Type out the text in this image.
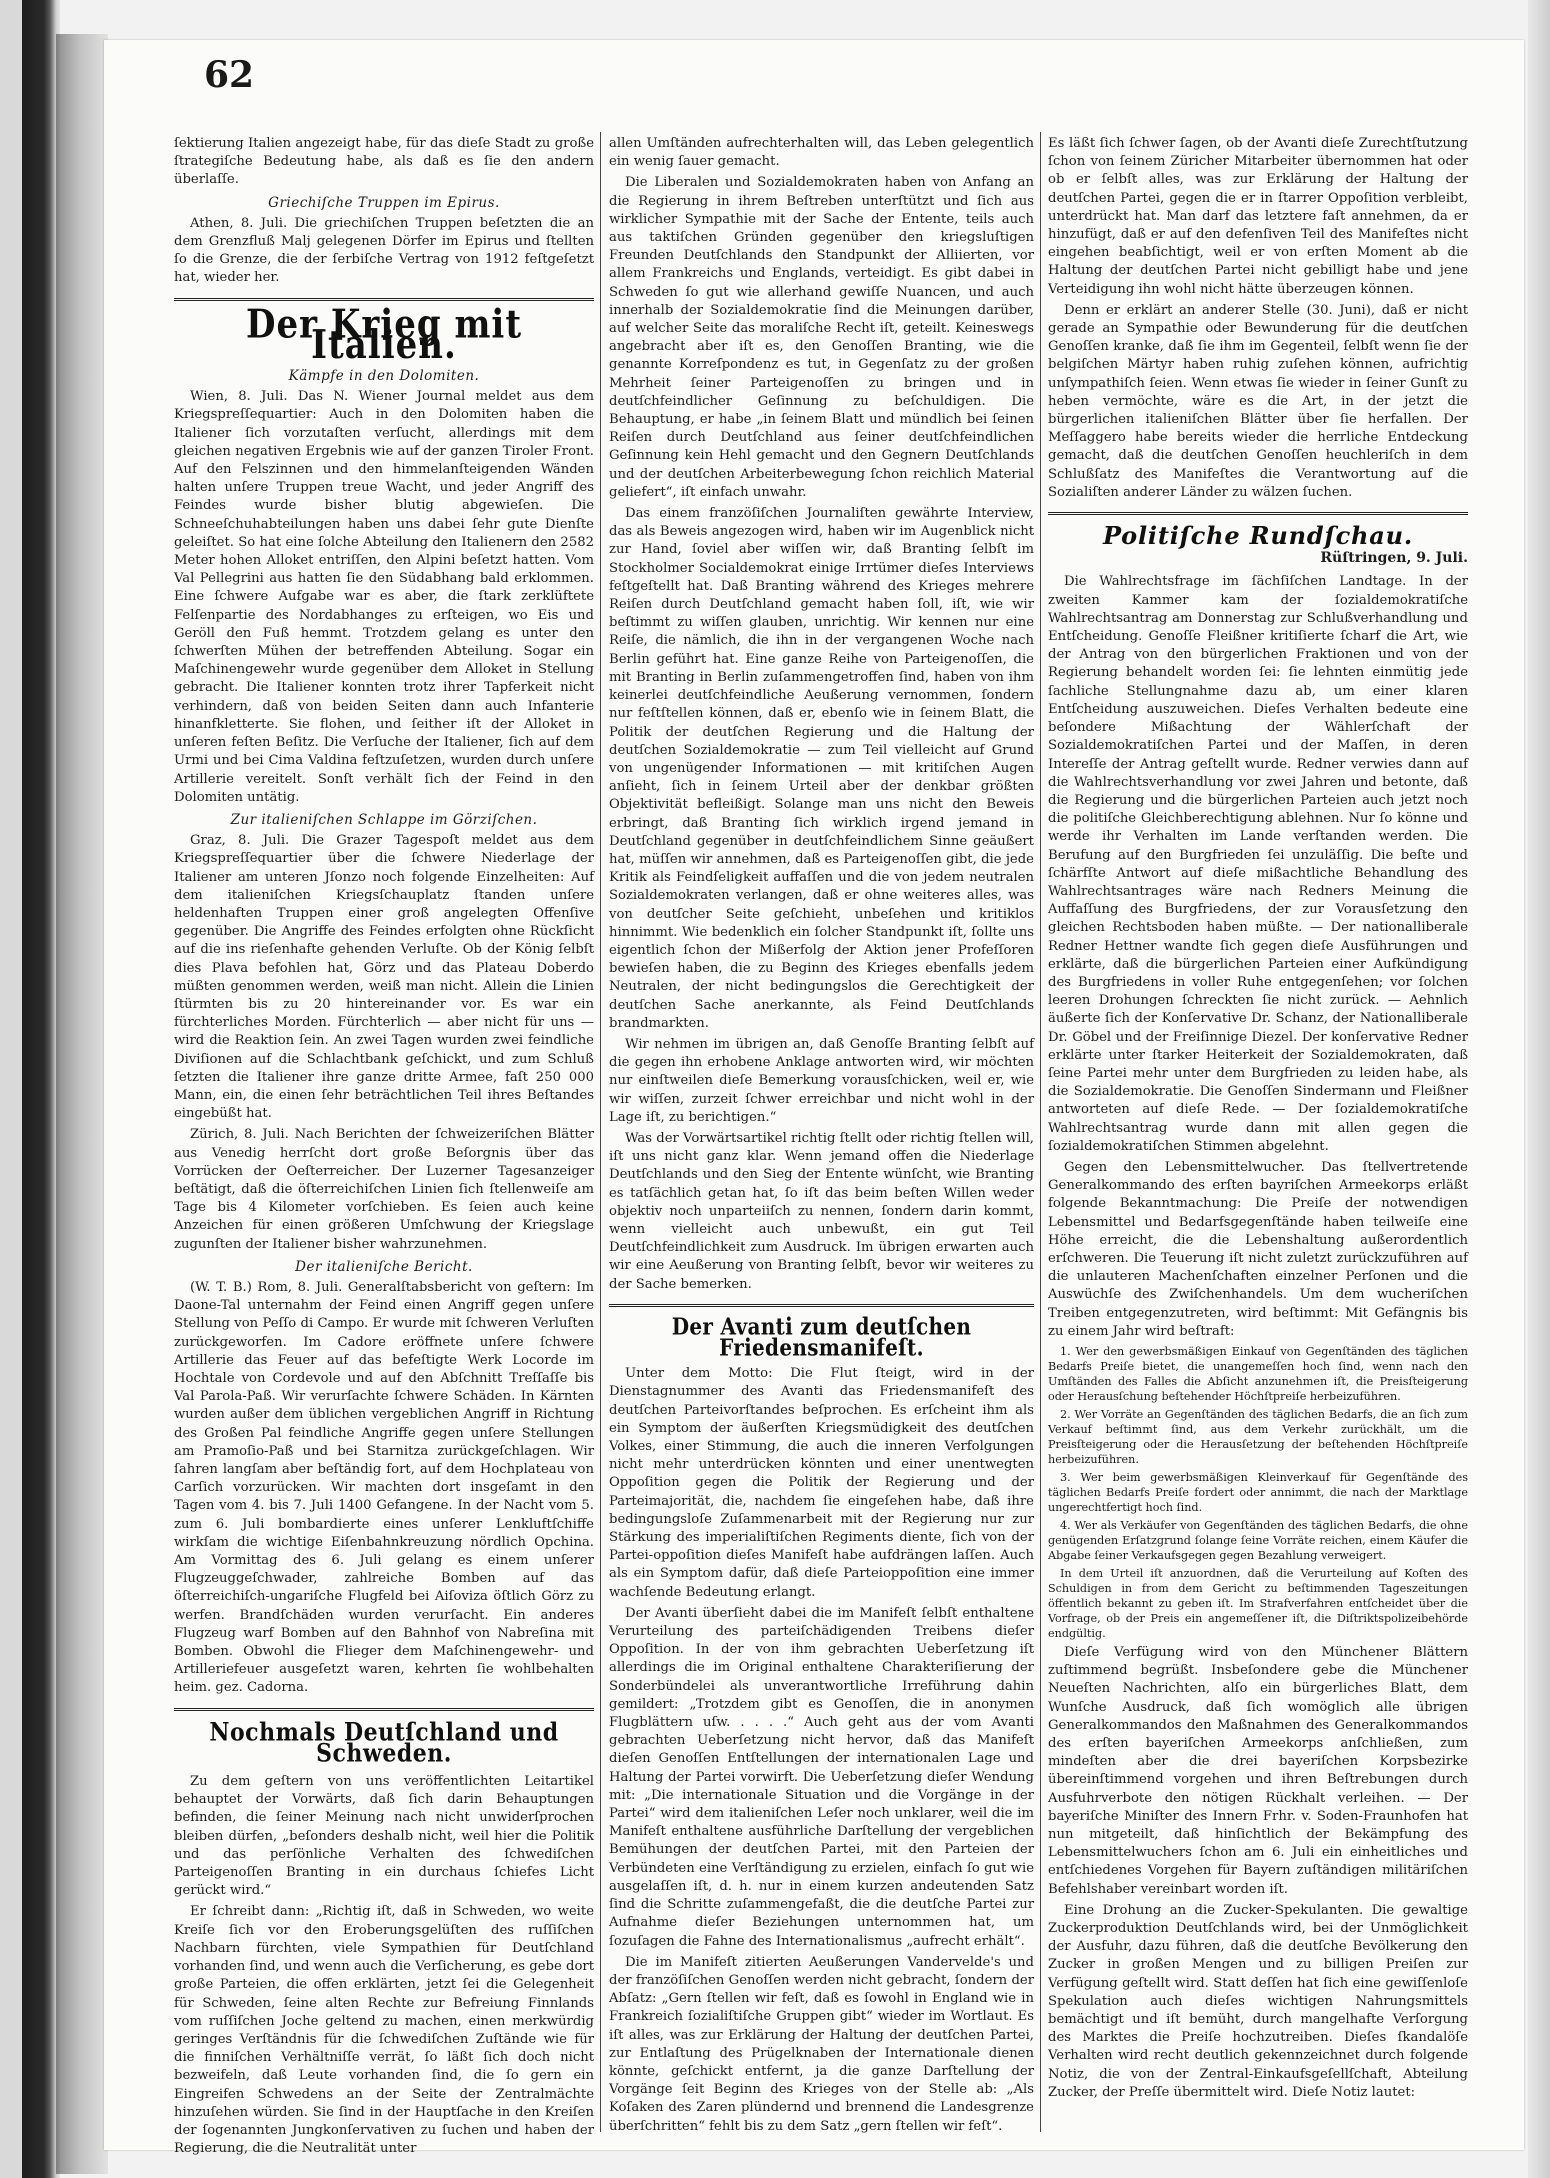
62

ſektierung Italien angezeigt habe, für das dieſe Stadt zu große ſtrategiſche Bedeutung habe, als daß es ſie den andern überlaſſe.

Griechiſche Truppen im Epirus.

Athen, 8. Juli. Die griechiſchen Truppen beſetzten die an dem Grenzfluß Malj gelegenen Dörfer im Epirus und ſtellten ſo die Grenze, die der ſerbiſche Vertrag von 1912 feſtgeſetzt hat, wieder her.

Der Krieg mit Italien.
Kämpfe in den Dolomiten.

Wien, 8. Juli. Das N. Wiener Journal meldet aus dem Kriegspreſſequartier: Auch in den Dolomiten haben die Italiener ſich vorzutaſten verſucht, allerdings mit dem gleichen negativen Ergebnis wie auf der ganzen Tiroler Front. Auf den Felszinnen und den himmelanſteigenden Wänden halten unſere Truppen treue Wacht, und jeder Angriff des Feindes wurde bisher blutig abgewieſen. Die Schneeſchuhabteilungen haben uns dabei ſehr gute Dienſte geleiſtet. So hat eine ſolche Abteilung den Italienern den 2582 Meter hohen Alloket entriſſen, den Alpini beſetzt hatten. Vom Val Pellegrini aus hatten ſie den Südabhang bald erklommen. Eine ſchwere Aufgabe war es aber, die ſtark zerklüftete Felſenpartie des Nordabhanges zu erſteigen, wo Eis und Geröll den Fuß hemmt. Trotzdem gelang es unter den ſchwerſten Mühen der betreffenden Abteilung. Sogar ein Maſchinengewehr wurde gegenüber dem Alloket in Stellung gebracht. Die Italiener konnten trotz ihrer Tapferkeit nicht verhindern, daß von beiden Seiten dann auch Infanterie hinanfkletterte. Sie flohen, und ſeither iſt der Alloket in unſeren feſten Beſitz. Die Verſuche der Italiener, ſich auf dem Urmi und bei Cima Valdina feſtzuſetzen, wurden durch unſere Artillerie vereitelt. Sonſt verhält ſich der Feind in den Dolomiten untätig.

Zur italieniſchen Schlappe im Görziſchen.

Graz, 8. Juli. Die Grazer Tagespoſt meldet aus dem Kriegspreſſequartier über die ſchwere Niederlage der Italiener am unteren Jſonzo noch folgende Einzelheiten: Auf dem italieniſchen Kriegsſchauplatz ſtanden unſere heldenhaften Truppen einer groß angelegten Offenſive gegenüber. Die Angriffe des Feindes erfolgten ohne Rückſicht auf die ins rieſenhafte gehenden Verluſte. Ob der König ſelbſt dies Plava befohlen hat, Görz und das Plateau Doberdo müßten genommen werden, weiß man nicht. Allein die Linien ſtürmten bis zu 20 hintereinander vor. Es war ein fürchterliches Morden. Fürchterlich — aber nicht für uns — wird die Reaktion ſein. An zwei Tagen wurden zwei feindliche Diviſionen auf die Schlachtbank geſchickt, und zum Schluß ſetzten die Italiener ihre ganze dritte Armee, faſt 250 000 Mann, ein, die einen ſehr beträchtlichen Teil ihres Beſtandes eingebüßt hat.

Zürich, 8. Juli. Nach Berichten der ſchweizeriſchen Blätter aus Venedig herrſcht dort große Beſorgnis über das Vorrücken der Oeſterreicher. Der Luzerner Tagesanzeiger beſtätigt, daß die öſterreichiſchen Linien ſich ſtellenweiſe am Tage bis 4 Kilometer vorſchieben. Es ſeien auch keine Anzeichen für einen größeren Umſchwung der Kriegslage zugunſten der Italiener bisher wahrzunehmen.

Der italieniſche Bericht.

(W. T. B.) Rom, 8. Juli. Generalſtabsbericht von geſtern: Im Daone-Tal unternahm der Feind einen Angriff gegen unſere Stellung von Peſſo di Campo. Er wurde mit ſchweren Verluſten zurückgeworfen. Im Cadore eröffnete unſere ſchwere Artillerie das Feuer auf das befeſtigte Werk Locorde im Hochtale von Cordevole und auf den Abſchnitt Treſſaſſe bis Val Parola-Paß. Wir verurſachte ſchwere Schäden. In Kärnten wurden außer dem üblichen vergeblichen Angriff in Richtung des Großen Pal feindliche Angriffe gegen unſere Stellungen am Pramoſio-Paß und bei Starnitza zurückgeſchlagen. Wir ſahren langſam aber beſtändig fort, auf dem Hochplateau von Carſich vorzurücken. Wir machten dort insgeſamt in den Tagen vom 4. bis 7. Juli 1400 Gefangene. In der Nacht vom 5. zum 6. Juli bombardierte eines unſerer Lenkluftſchiffe wirkſam die wichtige Eiſenbahnkreuzung nördlich Opchina. Am Vormittag des 6. Juli gelang es einem unſerer Flugzeuggeſchwader, zahlreiche Bomben auf das öſterreichiſch-ungariſche Flugfeld bei Aiſoviza öſtlich Görz zu werfen. Brandſchäden wurden verurſacht. Ein anderes Flugzeug warf Bomben auf den Bahnhof von Nabreſina mit Bomben. Obwohl die Flieger dem Maſchinengewehr- und Artilleriefeuer ausgeſetzt waren, kehrten ſie wohlbehalten heim. gez. Cadorna.

Nochmals Deutſchland und Schweden.

Zu dem geſtern von uns veröffentlichten Leitartikel behauptet der Vorwärts, daß ſich darin Behauptungen befinden, die ſeiner Meinung nach nicht unwiderſprochen bleiben dürfen, „beſonders deshalb nicht, weil hier die Politik und das perſönliche Verhalten des ſchwediſchen Parteigenoſſen Branting in ein durchaus ſchiefes Licht gerückt wird.“

Er ſchreibt dann: „Richtig iſt, daß in Schweden, wo weite Kreiſe ſich vor den Eroberungsgelüſten des ruſſiſchen Nachbarn fürchten, viele Sympathien für Deutſchland vorhanden ſind, und wenn auch die Verſicherung, es gebe dort große Parteien, die offen erklärten, jetzt ſei die Gelegenheit für Schweden, ſeine alten Rechte zur Befreiung Finnlands vom ruſſiſchen Joche geltend zu machen, einen merkwürdig geringes Verſtändnis für die ſchwediſchen Zuſtände wie für die finniſchen Verhältniſſe verrät, ſo läßt ſich doch nicht bezweifeln, daß Leute vorhanden ſind, die ſo gern ein Eingreifen Schwedens an der Seite der Zentralmächte hinzuſehen würden. Sie ſind in der Hauptſache in den Kreiſen der ſogenannten Jungkonſervativen zu ſuchen und haben der Regierung, die die Neutralität unter

allen Umſtänden aufrechterhalten will, das Leben gelegentlich ein wenig ſauer gemacht.

Die Liberalen und Sozialdemokraten haben von Anfang an die Regierung in ihrem Beſtreben unterſtützt und ſich aus wirklicher Sympathie mit der Sache der Entente, teils auch aus taktiſchen Gründen gegenüber den kriegsluſtigen Freunden Deutſchlands den Standpunkt der Alliierten, vor allem Frankreichs und Englands, verteidigt. Es gibt dabei in Schweden ſo gut wie allerhand gewiſſe Nuancen, und auch innerhalb der Sozialdemokratie ſind die Meinungen darüber, auf welcher Seite das moraliſche Recht iſt, geteilt. Keineswegs angebracht aber iſt es, den Genoſſen Branting, wie die genannte Korreſpondenz es tut, in Gegenſatz zu der großen Mehrheit ſeiner Parteigenoſſen zu bringen und in deutſchfeindlicher Geſinnung zu beſchuldigen. Die Behauptung, er habe „in ſeinem Blatt und mündlich bei ſeinen Reiſen durch Deutſchland aus ſeiner deutſchfeindlichen Geſinnung kein Hehl gemacht und den Gegnern Deutſchlands und der deutſchen Arbeiterbewegung ſchon reichlich Material geliefert“, iſt einfach unwahr.

Das einem franzöſiſchen Journaliſten gewährte Interview, das als Beweis angezogen wird, haben wir im Augenblick nicht zur Hand, ſoviel aber wiſſen wir, daß Branting ſelbſt im Stockholmer Socialdemokrat einige Irrtümer dieſes Interviews feſtgeſtellt hat. Daß Branting während des Krieges mehrere Reiſen durch Deutſchland gemacht haben ſoll, iſt, wie wir beſtimmt zu wiſſen glauben, unrichtig. Wir kennen nur eine Reiſe, die nämlich, die ihn in der vergangenen Woche nach Berlin geführt hat. Eine ganze Reihe von Parteigenoſſen, die mit Branting in Berlin zuſammengetroffen ſind, haben von ihm keinerlei deutſchfeindliche Aeußerung vernommen, ſondern nur feſtſtellen können, daß er, ebenſo wie in ſeinem Blatt, die Politik der deutſchen Regierung und die Haltung der deutſchen Sozialdemokratie — zum Teil vielleicht auf Grund von ungenügender Informationen — mit kritiſchen Augen anſieht, ſich in ſeinem Urteil aber der denkbar größten Objektivität befleißigt. Solange man uns nicht den Beweis erbringt, daß Branting ſich wirklich irgend jemand in Deutſchland gegenüber in deutſchfeindlichem Sinne geäußert hat, müſſen wir annehmen, daß es Parteigenoſſen gibt, die jede Kritik als Feindſeligkeit auffaſſen und die von jedem neutralen Sozialdemokraten verlangen, daß er ohne weiteres alles, was von deutſcher Seite geſchieht, unbeſehen und kritiklos hinnimmt. Wie bedenklich ein ſolcher Standpunkt iſt, ſollte uns eigentlich ſchon der Mißerfolg der Aktion jener Profeſſoren bewieſen haben, die zu Beginn des Krieges ebenfalls jedem Neutralen, der nicht bedingungslos die Gerechtigkeit der deutſchen Sache anerkannte, als Feind Deutſchlands brandmarkten.

Wir nehmen im übrigen an, daß Genoſſe Branting ſelbſt auf die gegen ihn erhobene Anklage antworten wird, wir möchten nur einſtweilen dieſe Bemerkung vorausſchicken, weil er, wie wir wiſſen, zurzeit ſchwer erreichbar und nicht wohl in der Lage iſt, zu berichtigen.“

Was der Vorwärtsartikel richtig ſtellt oder richtig ſtellen will, iſt uns nicht ganz klar. Wenn jemand offen die Niederlage Deutſchlands und den Sieg der Entente wünſcht, wie Branting es tatſächlich getan hat, ſo iſt das beim beſten Willen weder objektiv noch unparteiiſch zu nennen, ſondern darin kommt, wenn vielleicht auch unbewußt, ein gut Teil Deutſchfeindlichkeit zum Ausdruck. Im übrigen erwarten auch wir eine Aeußerung von Branting ſelbſt, bevor wir weiteres zu der Sache bemerken.

Der Avanti zum deutſchen Friedensmanifeſt.

Unter dem Motto: Die Flut ſteigt, wird in der Dienstagnummer des Avanti das Friedensmanifeſt des deutſchen Parteivorſtandes beſprochen. Es erſcheint ihm als ein Symptom der äußerſten Kriegsmüdigkeit des deutſchen Volkes, einer Stimmung, die auch die inneren Verfolgungen nicht mehr unterdrücken könnten und einer unentwegten Oppoſition gegen die Politik der Regierung und der Parteimajorität, die, nachdem ſie eingeſehen habe, daß ihre bedingungsloſe Zuſammenarbeit mit der Regierung nur zur Stärkung des imperialiſtiſchen Regiments diente, ſich von der Partei-oppoſition dieſes Manifeſt habe aufdrängen laſſen. Auch als ein Symptom dafür, daß dieſe Parteioppoſition eine immer wachſende Bedeutung erlangt.

Der Avanti überſieht dabei die im Manifeſt ſelbſt enthaltene Verurteilung des parteiſchädigenden Treibens dieſer Oppoſition. In der von ihm gebrachten Ueberſetzung iſt allerdings die im Original enthaltene Charakteriſierung der Sonderbündelei als unverantwortliche Irreführung dahin gemildert: „Trotzdem gibt es Genoſſen, die in anonymen Flugblättern uſw. . . . .“ Auch geht aus der vom Avanti gebrachten Ueberſetzung nicht hervor, daß das Manifeſt dieſen Genoſſen Entſtellungen der internationalen Lage und Haltung der Partei vorwirft. Die Ueberſetzung dieſer Wendung mit: „Die internationale Situation und die Vorgänge in der Partei“ wird dem italieniſchen Leſer noch unklarer, weil die im Manifeſt enthaltene ausführliche Darſtellung der vergeblichen Bemühungen der deutſchen Partei, mit den Parteien der Verbündeten eine Verſtändigung zu erzielen, einfach ſo gut wie ausgelaſſen iſt, d. h. nur in einem kurzen andeutenden Satz ſind die Schritte zuſammengefaßt, die die deutſche Partei zur Aufnahme dieſer Beziehungen unternommen hat, um ſozuſagen die Fahne des Internationalismus „aufrecht erhält“.

Die im Manifeſt zitierten Aeußerungen Vandervelde's und der franzöſiſchen Genoſſen werden nicht gebracht, ſondern der Abſatz: „Gern ſtellen wir feſt, daß es ſowohl in England wie in Frankreich ſozialiſtiſche Gruppen gibt“ wieder im Wortlaut. Es iſt alles, was zur Erklärung der Haltung der deutſchen Partei, zur Entlaſtung des Prügelknaben der Internationale dienen könnte, geſchickt entfernt, ja die ganze Darſtellung der Vorgänge ſeit Beginn des Krieges von der Stelle ab: „Als Koſaken des Zaren plündernd und brennend die Landesgrenze überſchritten“ fehlt bis zu dem Satz „gern ſtellen wir feſt“.

Es läßt ſich ſchwer ſagen, ob der Avanti dieſe Zurechtſtutzung ſchon von ſeinem Züricher Mitarbeiter übernommen hat oder ob er ſelbſt alles, was zur Erklärung der Haltung der deutſchen Partei, gegen die er in ſtarrer Oppoſition verbleibt, unterdrückt hat. Man darf das letztere faſt annehmen, da er hinzufügt, daß er auf den defenſiven Teil des Manifeſtes nicht eingehen beabſichtigt, weil er von erſten Moment ab die Haltung der deutſchen Partei nicht gebilligt habe und jene Verteidigung ihn wohl nicht hätte überzeugen können.

Denn er erklärt an anderer Stelle (30. Juni), daß er nicht gerade an Sympathie oder Bewunderung für die deutſchen Genoſſen kranke, daß ſie ihm im Gegenteil, ſelbſt wenn ſie der belgiſchen Märtyr haben ruhig zuſehen können, aufrichtig unſympathiſch ſeien. Wenn etwas ſie wieder in ſeiner Gunſt zu heben vermöchte, wäre es die Art, in der jetzt die bürgerlichen italieniſchen Blätter über ſie herfallen. Der Meſſaggero habe bereits wieder die herrliche Entdeckung gemacht, daß die deutſchen Genoſſen heuchleriſch in dem Schlußſatz des Manifeſtes die Verantwortung auf die Sozialiſten anderer Länder zu wälzen ſuchen.

Politiſche Rundſchau.
Rüſtringen, 9. Juli.

Die Wahlrechtsfrage im ſächſiſchen Landtage. In der zweiten Kammer kam der ſozialdemokratiſche Wahlrechtsantrag am Donnerstag zur Schlußverhandlung und Entſcheidung. Genoſſe Fleißner kritiſierte ſcharf die Art, wie der Antrag von den bürgerlichen Fraktionen und von der Regierung behandelt worden ſei: ſie lehnten einmütig jede ſachliche Stellungnahme dazu ab, um einer klaren Entſcheidung auszuweichen. Dieſes Verhalten bedeute eine beſondere Mißachtung der Wählerſchaft der Sozialdemokratiſchen Partei und der Maſſen, in deren Intereſſe der Antrag geſtellt wurde. Redner verwies dann auf die Wahlrechtsverhandlung vor zwei Jahren und betonte, daß die Regierung und die bürgerlichen Parteien auch jetzt noch die politiſche Gleichberechtigung ablehnen. Nur ſo könne und werde ihr Verhalten im Lande verſtanden werden. Die Berufung auf den Burgfrieden ſei unzuläſſig. Die beſte und ſchärfſte Antwort auf dieſe mißachtliche Behandlung des Wahlrechtsantrages wäre nach Redners Meinung die Auffaſſung des Burgfriedens, der zur Vorausſetzung den gleichen Rechtsboden haben müßte. — Der nationalliberale Redner Hettner wandte ſich gegen dieſe Ausführungen und erklärte, daß die bürgerlichen Parteien einer Aufkündigung des Burgfriedens in voller Ruhe entgegenſehen; vor ſolchen leeren Drohungen ſchreckten ſie nicht zurück. — Aehnlich äußerte ſich der Konſervative Dr. Schanz, der Nationalliberale Dr. Göbel und der Freiſinnige Diezel. Der konſervative Redner erklärte unter ſtarker Heiterkeit der Sozialdemokraten, daß ſeine Partei mehr unter dem Burgfrieden zu leiden habe, als die Sozialdemokratie. Die Genoſſen Sindermann und Fleißner antworteten auf dieſe Rede. — Der ſozialdemokratiſche Wahlrechtsantrag wurde dann mit allen gegen die ſozialdemokratiſchen Stimmen abgelehnt.

Gegen den Lebensmittelwucher. Das ſtellvertretende Generalkommando des erſten bayriſchen Armeekorps erläßt folgende Bekanntmachung: Die Preiſe der notwendigen Lebensmittel und Bedarfsgegenſtände haben teilweiſe eine Höhe erreicht, die die Lebenshaltung außerordentlich erſchweren. Die Teuerung iſt nicht zuletzt zurückzuführen auf die unlauteren Machenſchaften einzelner Perſonen und die Auswüchſe des Zwiſchenhandels. Um dem wucheriſchen Treiben entgegenzutreten, wird beſtimmt: Mit Gefängnis bis zu einem Jahr wird beſtraft:

1. Wer den gewerbsmäßigen Einkauf von Gegenſtänden des täglichen Bedarfs Preiſe bietet, die unangemeſſen hoch ſind, wenn nach den Umſtänden des Falles die Abſicht anzunehmen iſt, die Preisſteigerung oder Herausſchung beſtehender Höchſtpreiſe herbeizuführen.

2. Wer Vorräte an Gegenſtänden des täglichen Bedarfs, die an ſich zum Verkauf beſtimmt ſind, aus dem Verkehr zurückhält, um die Preisſteigerung oder die Herausſetzung der beſtehenden Höchſtpreiſe herbeizuführen.

3. Wer beim gewerbsmäßigen Kleinverkauf für Gegenſtände des täglichen Bedarfs Preiſe fordert oder annimmt, die nach der Marktlage ungerechtfertigt hoch ſind.

4. Wer als Verkäufer von Gegenſtänden des täglichen Bedarfs, die ohne genügenden Erſatzgrund ſolange ſeine Vorräte reichen, einem Käufer die Abgabe ſeiner Verkaufsgegen gegen Bezahlung verweigert.

In dem Urteil iſt anzuordnen, daß die Verurteilung auf Koſten des Schuldigen in from dem Gericht zu beſtimmenden Tageszeitungen öffentlich bekannt zu geben iſt. Im Strafverfahren entſcheidet über die Vorfrage, ob der Preis ein angemeſſener iſt, die Diſtriktspolizeibehörde endgültig.

Dieſe Verfügung wird von den Münchener Blättern zuſtimmend begrüßt. Insbeſondere gebe die Münchener Neueſten Nachrichten, alſo ein bürgerliches Blatt, dem Wunſche Ausdruck, daß ſich womöglich alle übrigen Generalkommandos den Maßnahmen des Generalkommandos des erſten bayeriſchen Armeekorps anſchließen, zum mindeſten aber die drei bayeriſchen Korpsbezirke übereinſtimmend vorgehen und ihren Beſtrebungen durch Ausfuhrverbote den nötigen Rückhalt verleihen. — Der bayeriſche Miniſter des Innern Frhr. v. Soden-Fraunhofen hat nun mitgeteilt, daß hinſichtlich der Bekämpfung des Lebensmittelwuchers ſchon am 6. Juli ein einheitliches und entſchiedenes Vorgehen für Bayern zuſtändigen militäriſchen Befehlshaber vereinbart worden iſt.

Eine Drohung an die Zucker-Spekulanten. Die gewaltige Zuckerproduktion Deutſchlands wird, bei der Unmöglichkeit der Ausfuhr, dazu führen, daß die deutſche Bevölkerung den Zucker in großen Mengen und zu billigen Preiſen zur Verfügung geſtellt wird. Statt deſſen hat ſich eine gewiſſenloſe Spekulation auch dieſes wichtigen Nahrungsmittels bemächtigt und iſt bemüht, durch mangelhafte Verſorgung des Marktes die Preiſe hochzutreiben. Dieſes ſkandalöſe Verhalten wird recht deutlich gekennzeichnet durch folgende Notiz, die von der Zentral-Einkaufsgeſellſchaft, Abteilung Zucker, der Preſſe übermittelt wird. Dieſe Notiz lautet:
